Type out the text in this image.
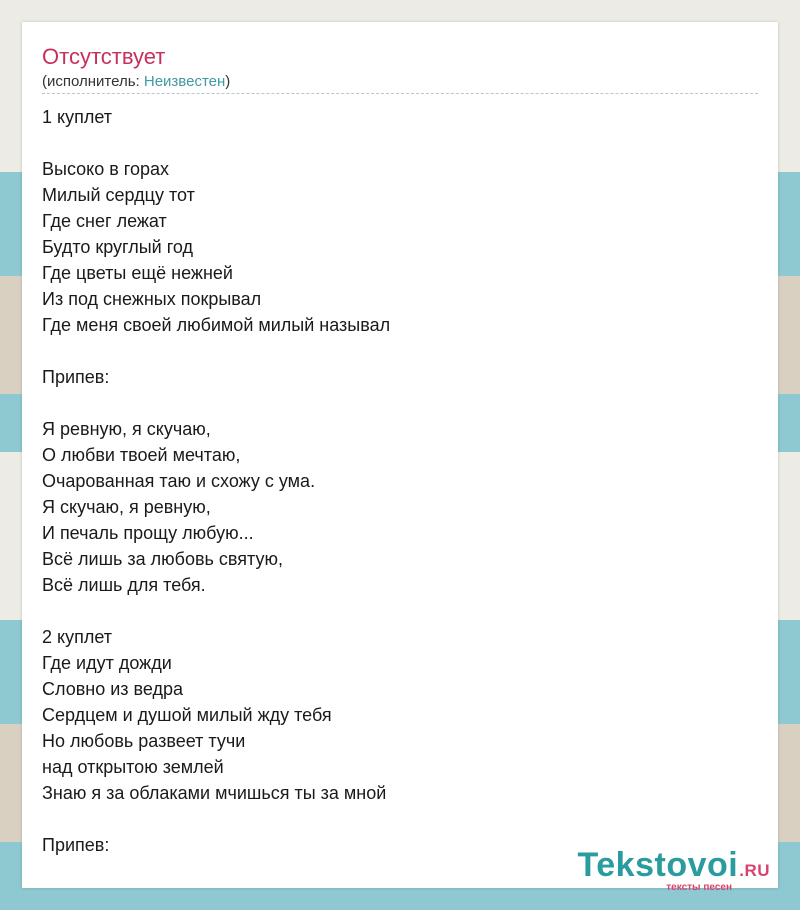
Отсутствует
(исполнитель: Неизвестен)
1 куплет
Высоко в горах
Милый сердцу тот
Где снег лежат
Будто круглый год
Где цветы ещё нежней
Из под снежных покрывал
Где меня своей любимой милый называл
Припев:
Я ревную, я скучаю,
О любви твоей мечтаю,
Очарованная таю и схожу с ума.
Я скучаю, я ревную,
И печаль прощу любую...
Всё лишь за любовь святую,
Всё лишь для тебя.
2 куплет
Где идут дожди
Словно из ведра
Сердцем и душой милый жду тебя
Но любовь развеет тучи
над открытою землей
Знаю я за облаками мчишься ты за мной
Припев:
Tekstovoi.RU
тексты песен
